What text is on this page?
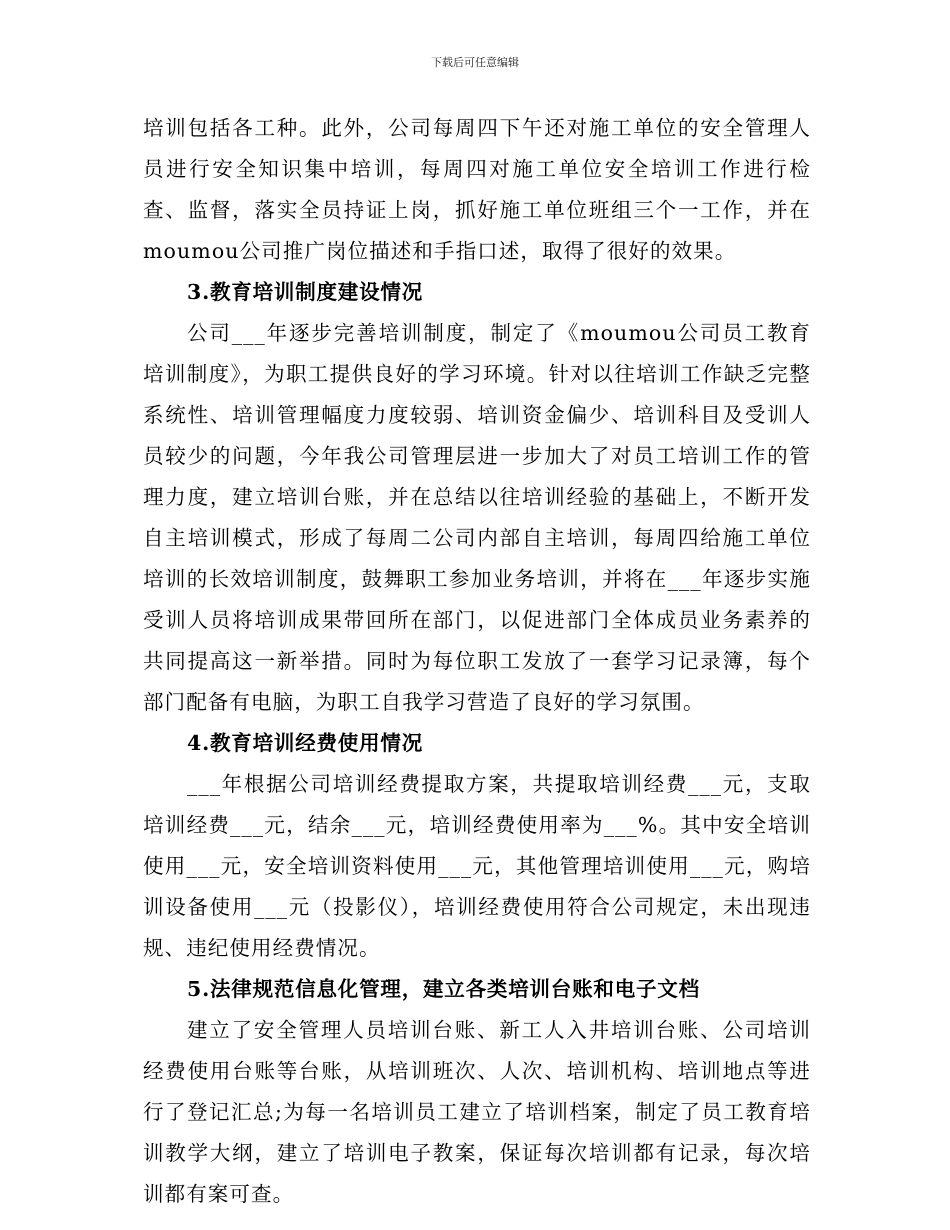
下载后可任意编辑

培训包括各工种。此外，公司每周四下午还对施工单位的安全管理人员进行安全知识集中培训，每周四对施工单位安全培训工作进行检查、监督，落实全员持证上岗，抓好施工单位班组三个一工作，并在moumou公司推广岗位描述和手指口述，取得了很好的效果。

3.教育培训制度建设情况

公司___年逐步完善培训制度，制定了《moumou公司员工教育培训制度》，为职工提供良好的学习环境。针对以往培训工作缺乏完整系统性、培训管理幅度力度较弱、培训资金偏少、培训科目及受训人员较少的问题，今年我公司管理层进一步加大了对员工培训工作的管理力度，建立培训台账，并在总结以往培训经验的基础上，不断开发自主培训模式，形成了每周二公司内部自主培训，每周四给施工单位培训的长效培训制度，鼓舞职工参加业务培训，并将在___年逐步实施受训人员将培训成果带回所在部门，以促进部门全体成员业务素养的共同提高这一新举措。同时为每位职工发放了一套学习记录簿，每个部门配备有电脑，为职工自我学习营造了良好的学习氛围。

4.教育培训经费使用情况

___年根据公司培训经费提取方案，共提取培训经费___元，支取培训经费___元，结余___元，培训经费使用率为___%。其中安全培训使用___元，安全培训资料使用___元，其他管理培训使用___元，购培训设备使用___元（投影仪），培训经费使用符合公司规定，未出现违规、违纪使用经费情况。

5.法律规范信息化管理，建立各类培训台账和电子文档

建立了安全管理人员培训台账、新工人入井培训台账、公司培训经费使用台账等台账，从培训班次、人次、培训机构、培训地点等进行了登记汇总;为每一名培训员工建立了培训档案，制定了员工教育培训教学大纲，建立了培训电子教案，保证每次培训都有记录，每次培训都有案可查。
